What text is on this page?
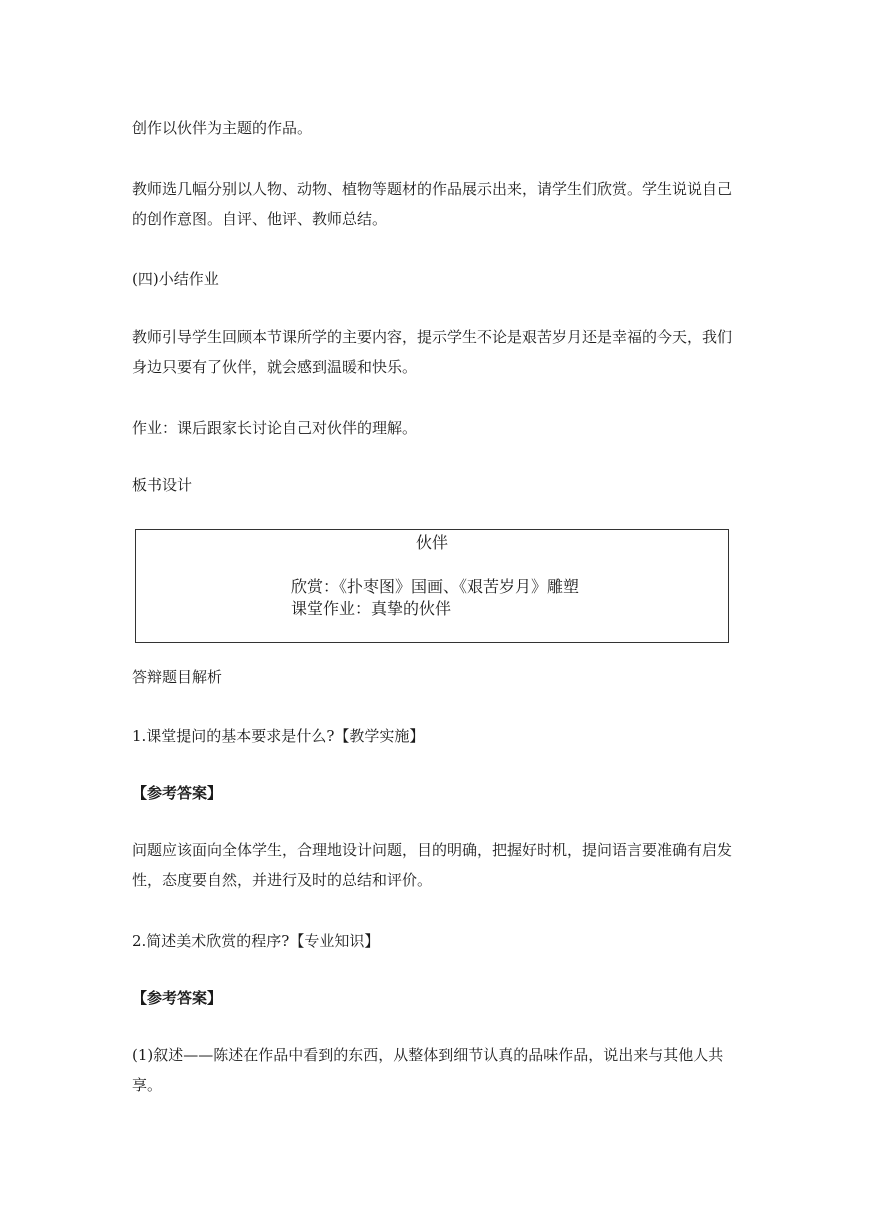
创作以伙伴为主题的作品。
教师选几幅分别以人物、动物、植物等题材的作品展示出来，请学生们欣赏。学生说说自己的创作意图。自评、他评、教师总结。
(四)小结作业
教师引导学生回顾本节课所学的主要内容，提示学生不论是艰苦岁月还是幸福的今天，我们身边只要有了伙伴，就会感到温暖和快乐。
作业：课后跟家长讨论自己对伙伴的理解。
板书设计
伙伴
欣赏：《扑枣图》国画、《艰苦岁月》雕塑
课堂作业：真挚的伙伴
答辩题目解析
1.课堂提问的基本要求是什么?【教学实施】
【参考答案】
问题应该面向全体学生，合理地设计问题，目的明确，把握好时机，提问语言要准确有启发性，态度要自然，并进行及时的总结和评价。
2.简述美术欣赏的程序?【专业知识】
【参考答案】
(1)叙述——陈述在作品中看到的东西，从整体到细节认真的品味作品，说出来与其他人共享。
